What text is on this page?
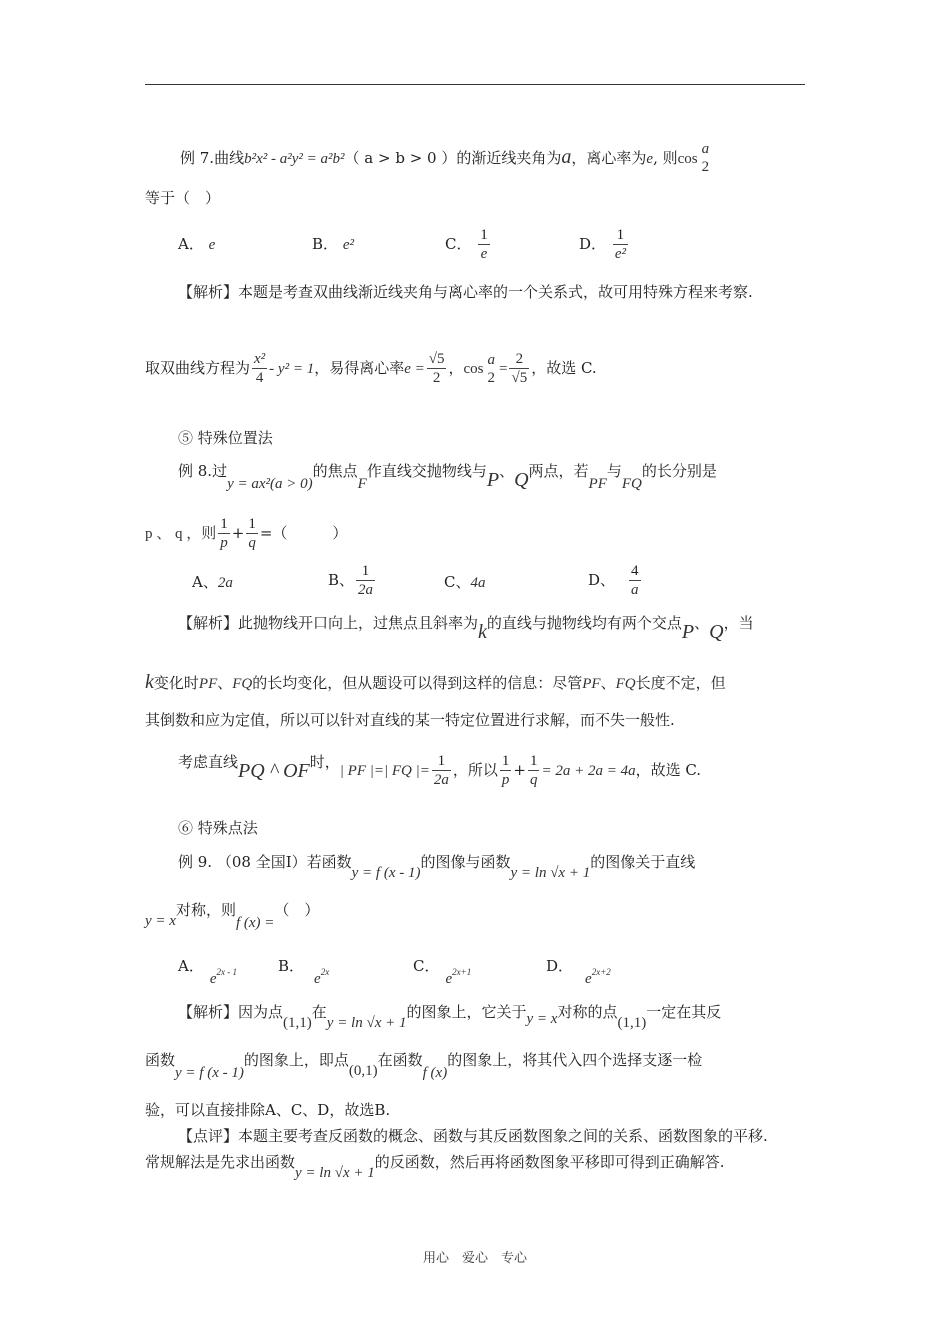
例 7.曲线b²x² - a²y² = a²b²（ a > b > 0 ）的渐近线夹角为a，离心率为e, 则cos
a
2
等于（　）
A． e	B． e²	C． $\frac{1}{e}$	D． $\frac{1}{\text{e²}}$
【解析】本题是考查双曲线渐近线夹角与离心率的一个关系式，故可用特殊方程来考察.
取双曲线方程为 $\frac{\text{x²}}{4} - y^2 = 1$，易得离心率$e = \frac{√5}{2}$ ，cos
a
2
= $\frac{2}{√5}$ ，故选 C.
⑤ 特殊位置法
例 8.过y = ax²(a > 0)的焦点F作直线交抛物线与P、Q两点，若PF与FQ的长分别是
p 、 q ，则 $\frac{1}{p} + \frac{1}{q}$ =（　　　）
A、2a	B、 $\frac{1}{2a}$	C、4a	D、 $\frac{4}{a}$
【解析】此抛物线开口向上，过焦点且斜率为k的直线与抛物线均有两个交点P、Q，当
k变化时PF、FQ的长均变化，但从题设可以得到这样的信息：尽管PF、FQ长度不定，但
其倒数和应为定值，所以可以针对直线的某一特定位置进行求解，而不失一般性.
考虑直线PQ ^ OF时，| PF |=| FQ |= $\frac{1}{2a}$ ，所以 $\frac{1}{p} + \frac{1}{q} = 2a + 2a = 4a$，故选 C.
⑥ 特殊点法
例 9. （08 全国Ⅰ）若函数y = f (x - 1)的图像与函数y = ln √x + 1的图像关于直线
y = x对称，则f (x) =（　）
A．$e^{2x - 1}$	B．$e^{2x}$	C．$e^{2x+1}$	D．$e^{2x+2}$
【解析】因为点(1,1)在y = ln √x + 1的图象上，它关于y = x对称的点(1,1)一定在其反
函数y = f (x - 1)的图象上，即点(0,1)在函数f (x)的图象上，将其代入四个选择支逐一检
验，可以直接排除A、C、D，故选B.
【点评】本题主要考查反函数的概念、函数与其反函数图象之间的关系、函数图象的平移.
常规解法是先求出函数y = ln √x + 1的反函数，然后再将函数图象平移即可得到正确解答.
用心　爱心　专心
